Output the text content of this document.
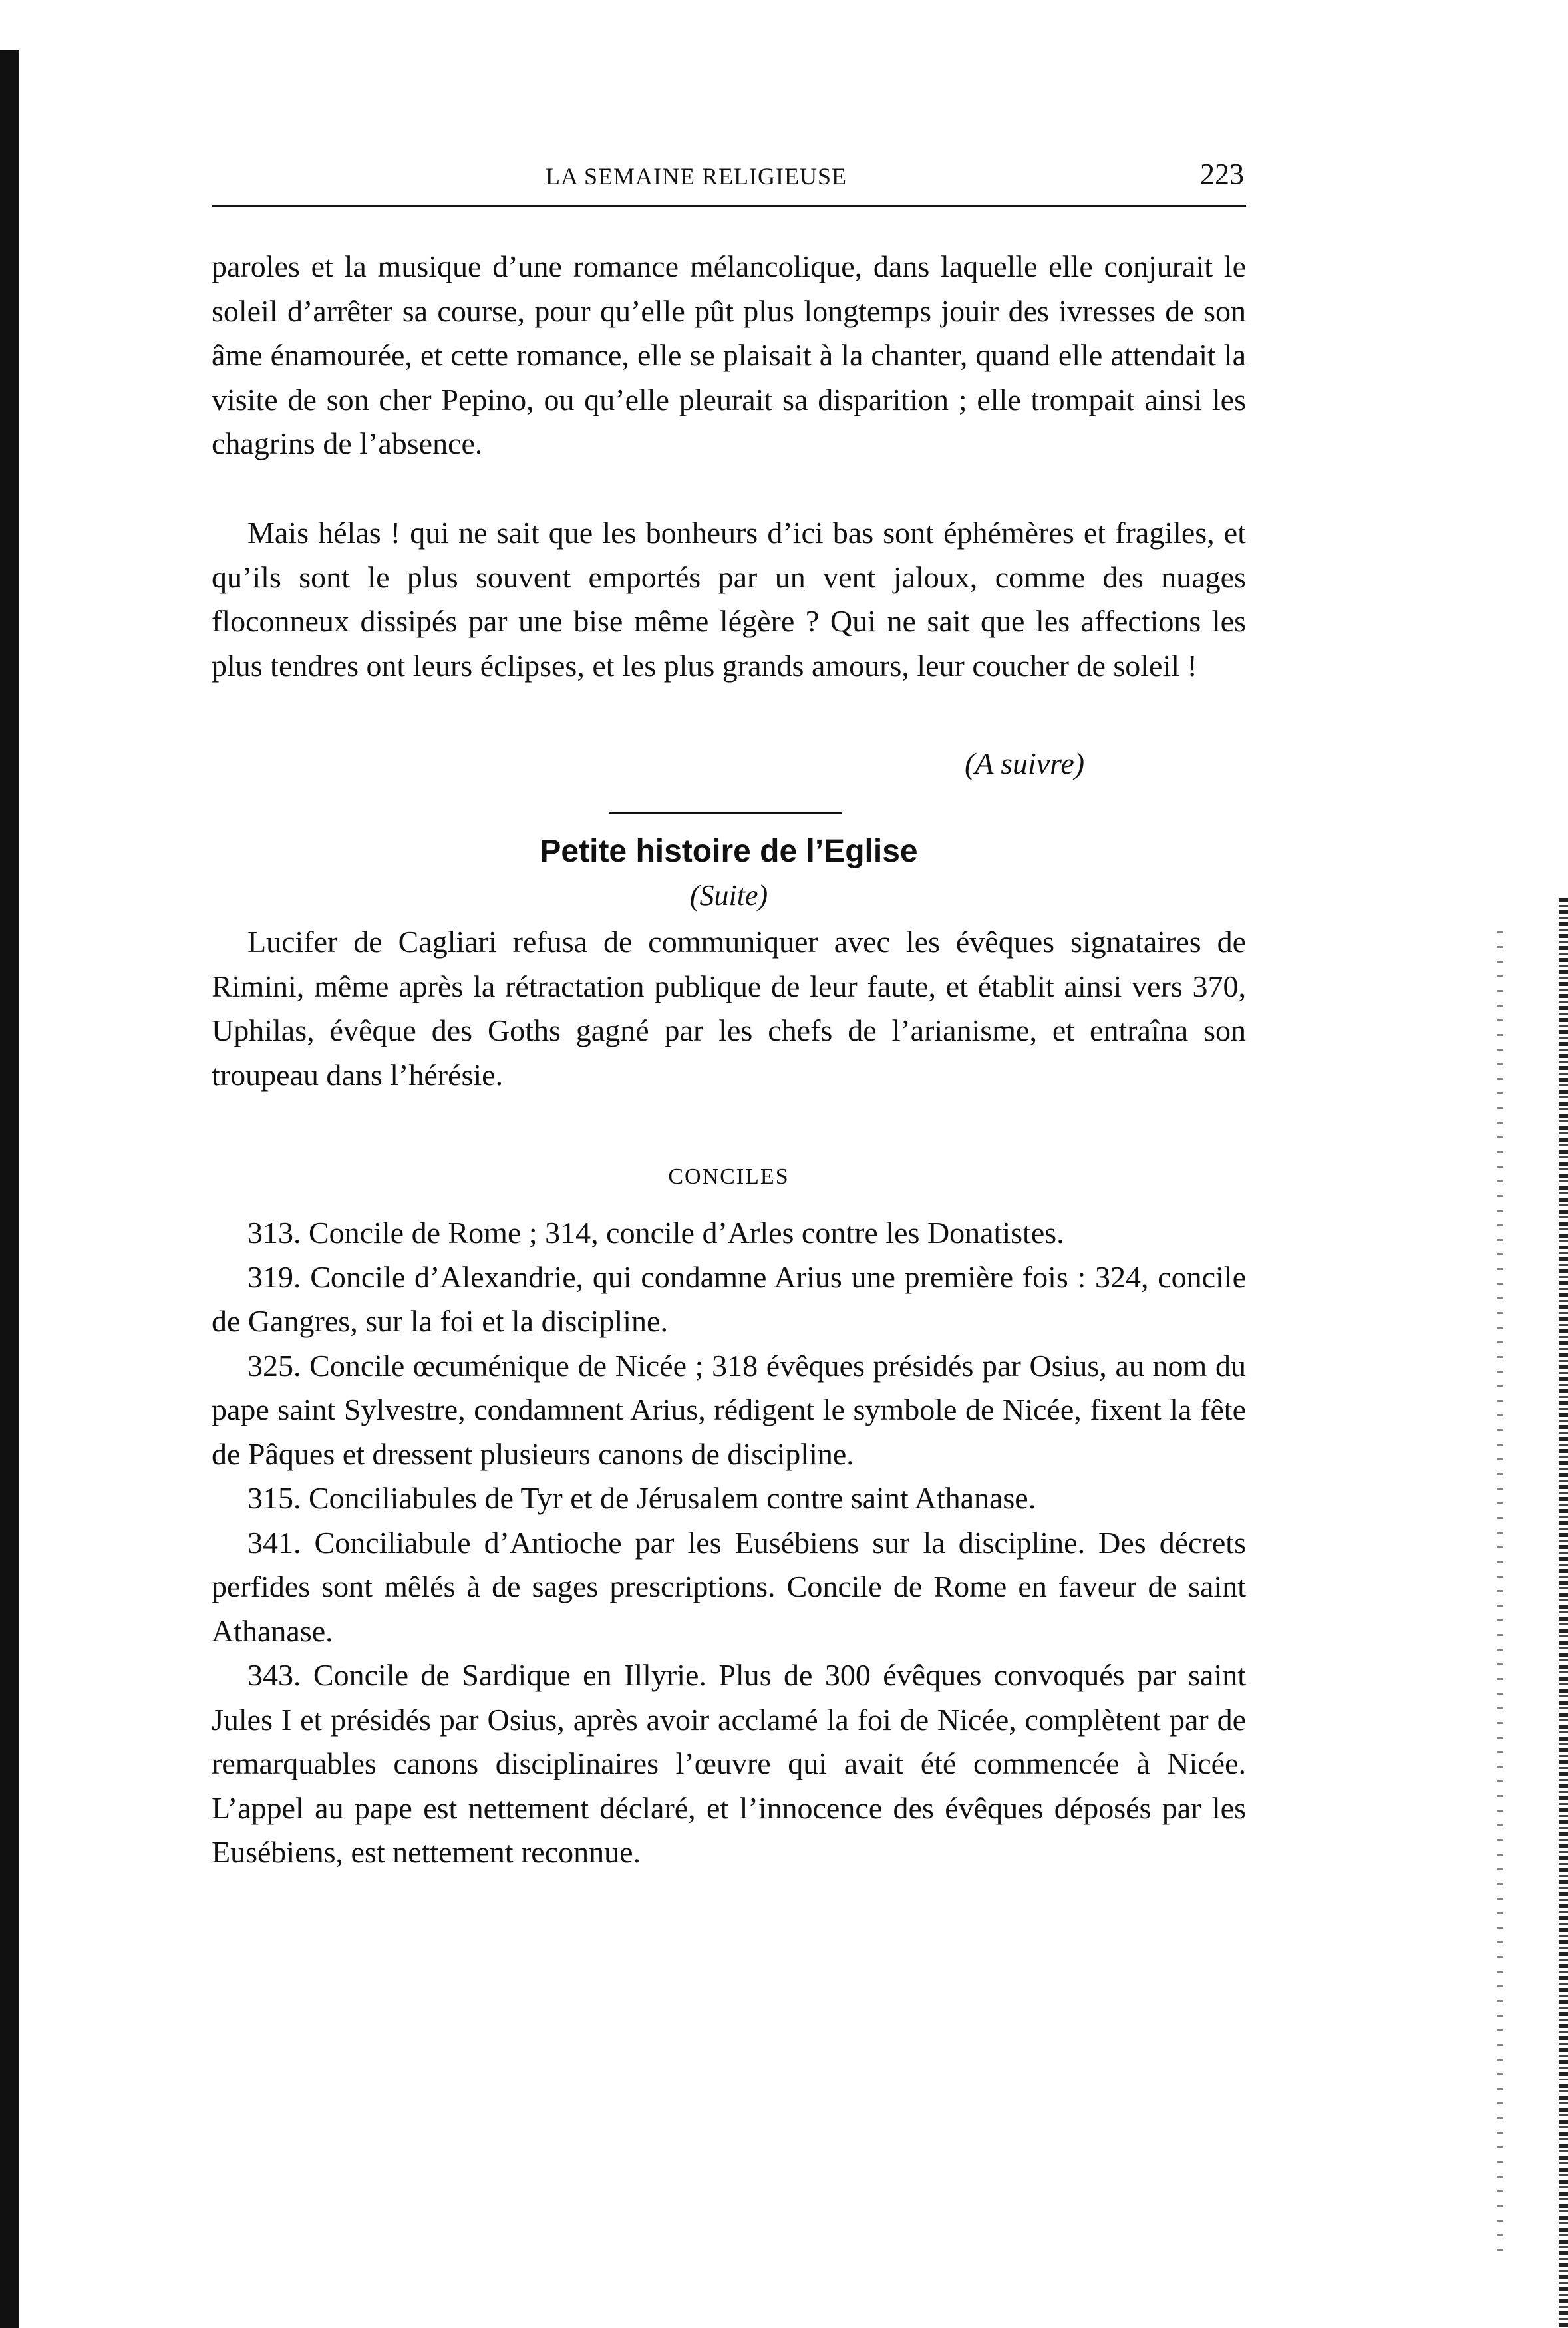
LA SEMAINE RELIGIEUSE	223

paroles et la musique d’une romance mélancolique, dans laquelle elle conjurait le soleil d’arrêter sa course, pour qu’elle pût plus longtemps jouir des ivresses de son âme énamourée, et cette romance, elle se plaisait à la chanter, quand elle attendait la visite de son cher Pepino, ou qu’elle pleurait sa disparition ; elle trompait ainsi les chagrins de l’absence.

Mais hélas ! qui ne sait que les bonheurs d’ici bas sont éphémères et fragiles, et qu’ils sont le plus souvent emportés par un vent jaloux, comme des nuages floconneux dissipés par une bise même légère ? Qui ne sait que les affections les plus tendres ont leurs éclipses, et les plus grands amours, leur coucher de soleil !

(A suivre)
Petite histoire de l’Eglise
(Suite)

Lucifer de Cagliari refusa de communiquer avec les évêques signataires de Rimini, même après la rétractation publique de leur faute, et établit ainsi vers 370, Uphilas, évêque des Goths gagné par les chefs de l’arianisme, et entraîna son troupeau dans l’hérésie.

CONCILES

313. Concile de Rome ; 314, concile d’Arles contre les Donatistes.

319. Concile d’Alexandrie, qui condamne Arius une première fois : 324, concile de Gangres, sur la foi et la discipline.

325. Concile œcuménique de Nicée ; 318 évêques présidés par Osius, au nom du pape saint Sylvestre, condamnent Arius, rédigent le symbole de Nicée, fixent la fête de Pâques et dressent plusieurs canons de discipline.

315. Conciliabules de Tyr et de Jérusalem contre saint Athanase.

341. Conciliabule d’Antioche par les Eusébiens sur la discipline. Des décrets perfides sont mêlés à de sages prescriptions. Concile de Rome en faveur de saint Athanase.

343. Concile de Sardique en Illyrie. Plus de 300 évêques convoqués par saint Jules I et présidés par Osius, après avoir acclamé la foi de Nicée, complètent par de remarquables canons disciplinaires l’œuvre qui avait été commencée à Nicée. L’appel au pape est nettement déclaré, et l’innocence des évêques déposés par les Eusébiens, est nettement reconnue.
